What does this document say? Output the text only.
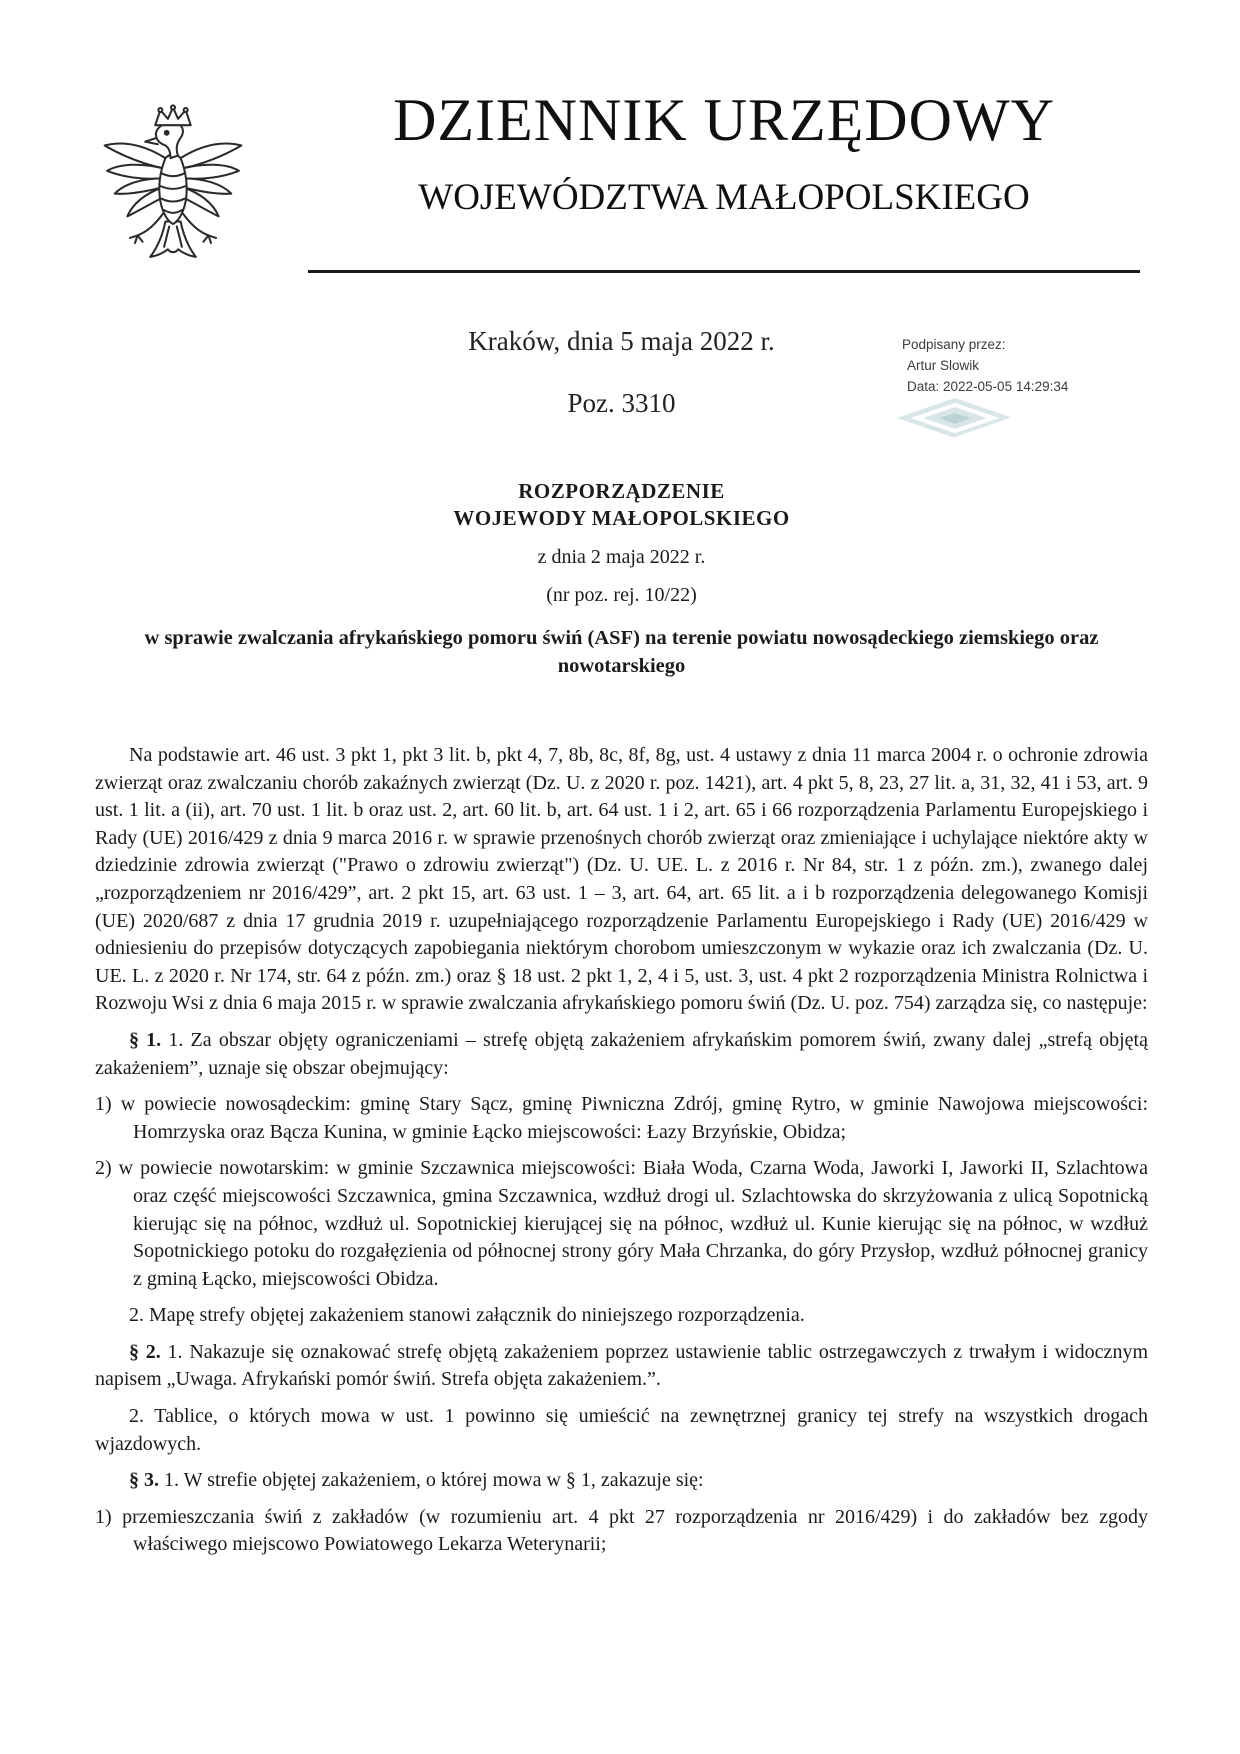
DZIENNIK URZĘDOWY
WOJEWÓDZTWA MAŁOPOLSKIEGO
Kraków, dnia 5 maja 2022 r.
Poz. 3310
Podpisany przez:
Artur Slowik
Data: 2022-05-05 14:29:34

ROZPORZĄDZENIE

WOJEWODY MAŁOPOLSKIEGO

z dnia 2 maja 2022 r.

(nr poz. rej. 10/22)

w sprawie zwalczania afrykańskiego pomoru świń (ASF) na terenie powiatu nowosądeckiego ziemskiego oraz nowotarskiego

Na podstawie art. 46 ust. 3 pkt 1, pkt 3 lit. b, pkt 4, 7, 8b, 8c, 8f, 8g, ust. 4 ustawy z dnia 11 marca 2004 r. o ochronie zdrowia zwierząt oraz zwalczaniu chorób zakaźnych zwierząt (Dz. U. z 2020 r. poz. 1421), art. 4 pkt 5, 8, 23, 27 lit. a, 31, 32, 41 i 53, art. 9 ust. 1 lit. a (ii), art. 70 ust. 1 lit. b oraz ust. 2, art. 60 lit. b, art. 64 ust. 1 i 2, art. 65 i 66 rozporządzenia Parlamentu Europejskiego i Rady (UE) 2016/429 z dnia 9 marca 2016 r. w sprawie przenośnych chorób zwierząt oraz zmieniające i uchylające niektóre akty w dziedzinie zdrowia zwierząt ("Prawo o zdrowiu zwierząt") (Dz. U. UE. L. z 2016 r. Nr 84, str. 1 z późn. zm.), zwanego dalej „rozporządzeniem nr 2016/429”, art. 2 pkt 15, art. 63 ust. 1 – 3, art. 64, art. 65 lit. a i b rozporządzenia delegowanego Komisji (UE) 2020/687 z dnia 17 grudnia 2019 r. uzupełniającego rozporządzenie Parlamentu Europejskiego i Rady (UE) 2016/429 w odniesieniu do przepisów dotyczących zapobiegania niektórym chorobom umieszczonym w wykazie oraz ich zwalczania (Dz. U. UE. L. z 2020 r. Nr 174, str. 64 z późn. zm.) oraz § 18 ust. 2 pkt 1, 2, 4 i 5, ust. 3, ust. 4 pkt 2 rozporządzenia Ministra Rolnictwa i Rozwoju Wsi z dnia 6 maja 2015 r. w sprawie zwalczania afrykańskiego pomoru świń (Dz. U. poz. 754) zarządza się, co następuje:

§ 1. 1. Za obszar objęty ograniczeniami – strefę objętą zakażeniem afrykańskim pomorem świń, zwany dalej „strefą objętą zakażeniem”, uznaje się obszar obejmujący:

1) w powiecie nowosądeckim: gminę Stary Sącz, gminę Piwniczna Zdrój, gminę Rytro, w gminie Nawojowa miejscowości: Homrzyska oraz Bącza Kunina, w gminie Łącko miejscowości: Łazy Brzyńskie, Obidza;

2) w powiecie nowotarskim: w gminie Szczawnica miejscowości: Biała Woda, Czarna Woda, Jaworki I, Jaworki II, Szlachtowa oraz część miejscowości Szczawnica, gmina Szczawnica, wzdłuż drogi ul. Szlachtowska do skrzyżowania z ulicą Sopotnicką kierując się na północ, wzdłuż ul. Sopotnickiej kierującej się na północ, wzdłuż ul. Kunie kierując się na północ, w wzdłuż Sopotnickiego potoku do rozgałęzienia od północnej strony góry Mała Chrzanka, do góry Przysłop, wzdłuż północnej granicy z gminą Łącko, miejscowości Obidza.

2. Mapę strefy objętej zakażeniem stanowi załącznik do niniejszego rozporządzenia.

§ 2. 1. Nakazuje się oznakować strefę objętą zakażeniem poprzez ustawienie tablic ostrzegawczych z trwałym i widocznym napisem „Uwaga. Afrykański pomór świń. Strefa objęta zakażeniem.”.

2. Tablice, o których mowa w ust. 1 powinno się umieścić na zewnętrznej granicy tej strefy na wszystkich drogach wjazdowych.

§ 3. 1. W strefie objętej zakażeniem, o której mowa w § 1, zakazuje się:

1) przemieszczania świń z zakładów (w rozumieniu art. 4 pkt 27 rozporządzenia nr 2016/429) i do zakładów bez zgody właściwego miejscowo Powiatowego Lekarza Weterynarii;
